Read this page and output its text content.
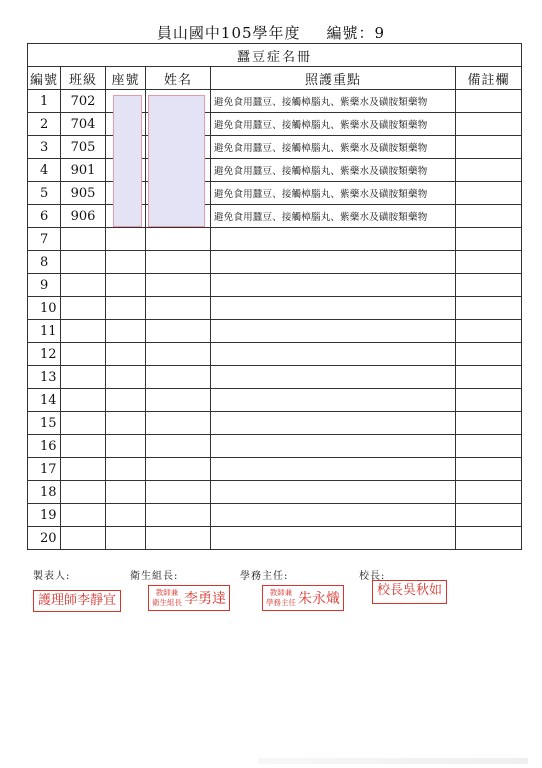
員山國中105學年度 編號：9
蠶豆症名冊					
編號	班級	座號	姓名	照護重點	備註欄
1	702			避免食用蠶豆、接觸樟腦丸、紫藥水及磺胺類藥物	
2	704			避免食用蠶豆、接觸樟腦丸、紫藥水及磺胺類藥物	
3	705			避免食用蠶豆、接觸樟腦丸、紫藥水及磺胺類藥物	
4	901			避免食用蠶豆、接觸樟腦丸、紫藥水及磺胺類藥物	
5	905			避免食用蠶豆、接觸樟腦丸、紫藥水及磺胺類藥物	
6	906			避免食用蠶豆、接觸樟腦丸、紫藥水及磺胺類藥物	
7					
8					
9					
10					
11					
12					
13					
14					
15					
16					
17					
18					
19					
20					
製表人:	衛生組長:	學務主任:	校長:
護理師李靜宜
教師兼
衛生組長 李勇達	教師兼
學務主任 朱永熾
校長吳秋如
